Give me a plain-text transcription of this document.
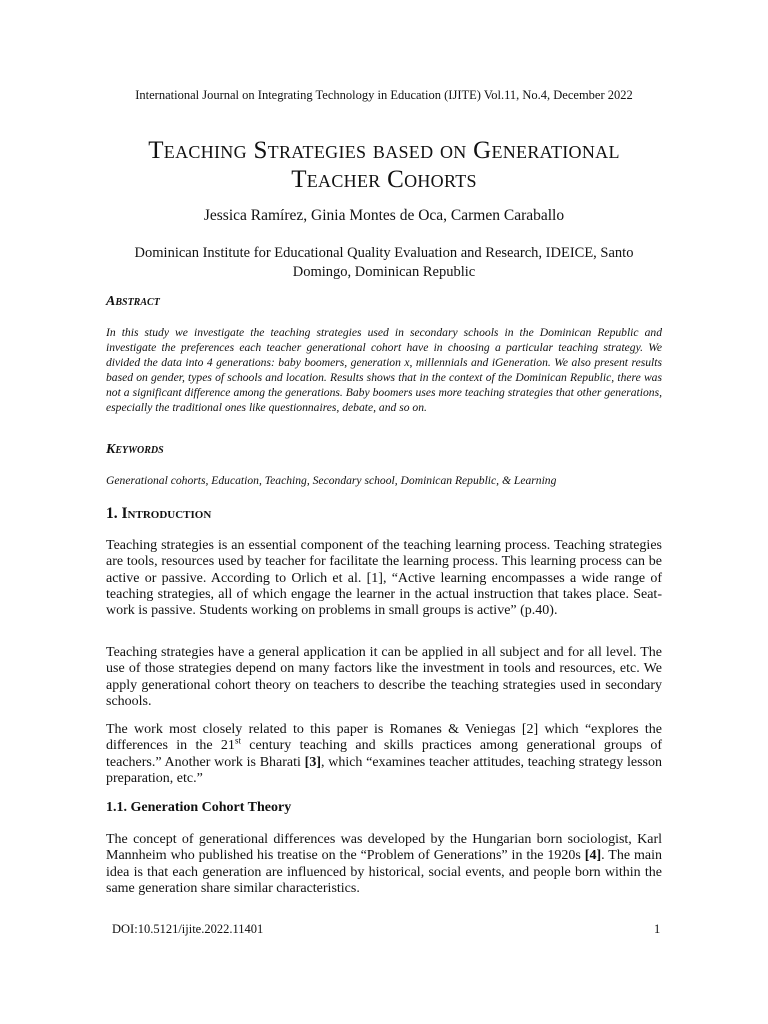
International Journal on Integrating Technology in Education (IJITE) Vol.11, No.4, December 2022
Teaching Strategies based on Generational
Teacher Cohorts
Jessica Ramírez, Ginia Montes de Oca, Carmen Caraballo
Dominican Institute for Educational Quality Evaluation and Research, IDEICE, Santo
Domingo, Dominican Republic
Abstract
In this study we investigate the teaching strategies used in secondary schools in the Dominican Republic and investigate the preferences each teacher generational cohort have in choosing a particular teaching strategy. We divided the data into 4 generations: baby boomers, generation x, millennials and iGeneration. We also present results based on gender, types of schools and location. Results shows that in the context of the Dominican Republic, there was not a significant difference among the generations. Baby boomers uses more teaching strategies that other generations, especially the traditional ones like questionnaires, debate, and so on.
Keywords
Generational cohorts, Education, Teaching, Secondary school, Dominican Republic, & Learning
1. Introduction
Teaching strategies is an essential component of the teaching learning process. Teaching strategies are tools, resources used by teacher for facilitate the learning process. This learning process can be active or passive. According to Orlich et al. [1], “Active learning encompasses a wide range of teaching strategies, all of which engage the learner in the actual instruction that takes place. Seat-work is passive. Students working on problems in small groups is active” (p.40).
Teaching strategies have a general application it can be applied in all subject and for all level. The use of those strategies depend on many factors like the investment in tools and resources, etc. We apply generational cohort theory on teachers to describe the teaching strategies used in secondary schools.
The work most closely related to this paper is Romanes & Veniegas [2] which “explores the differences in the 21st century teaching and skills practices among generational groups of teachers.” Another work is Bharati [3], which “examines teacher attitudes, teaching strategy lesson preparation, etc.”
1.1. Generation Cohort Theory
The concept of generational differences was developed by the Hungarian born sociologist, Karl Mannheim who published his treatise on the “Problem of Generations” in the 1920s [4]. The main idea is that each generation are influenced by historical, social events, and people born within the same generation share similar characteristics.
DOI:10.5121/ijite.2022.11401	1
